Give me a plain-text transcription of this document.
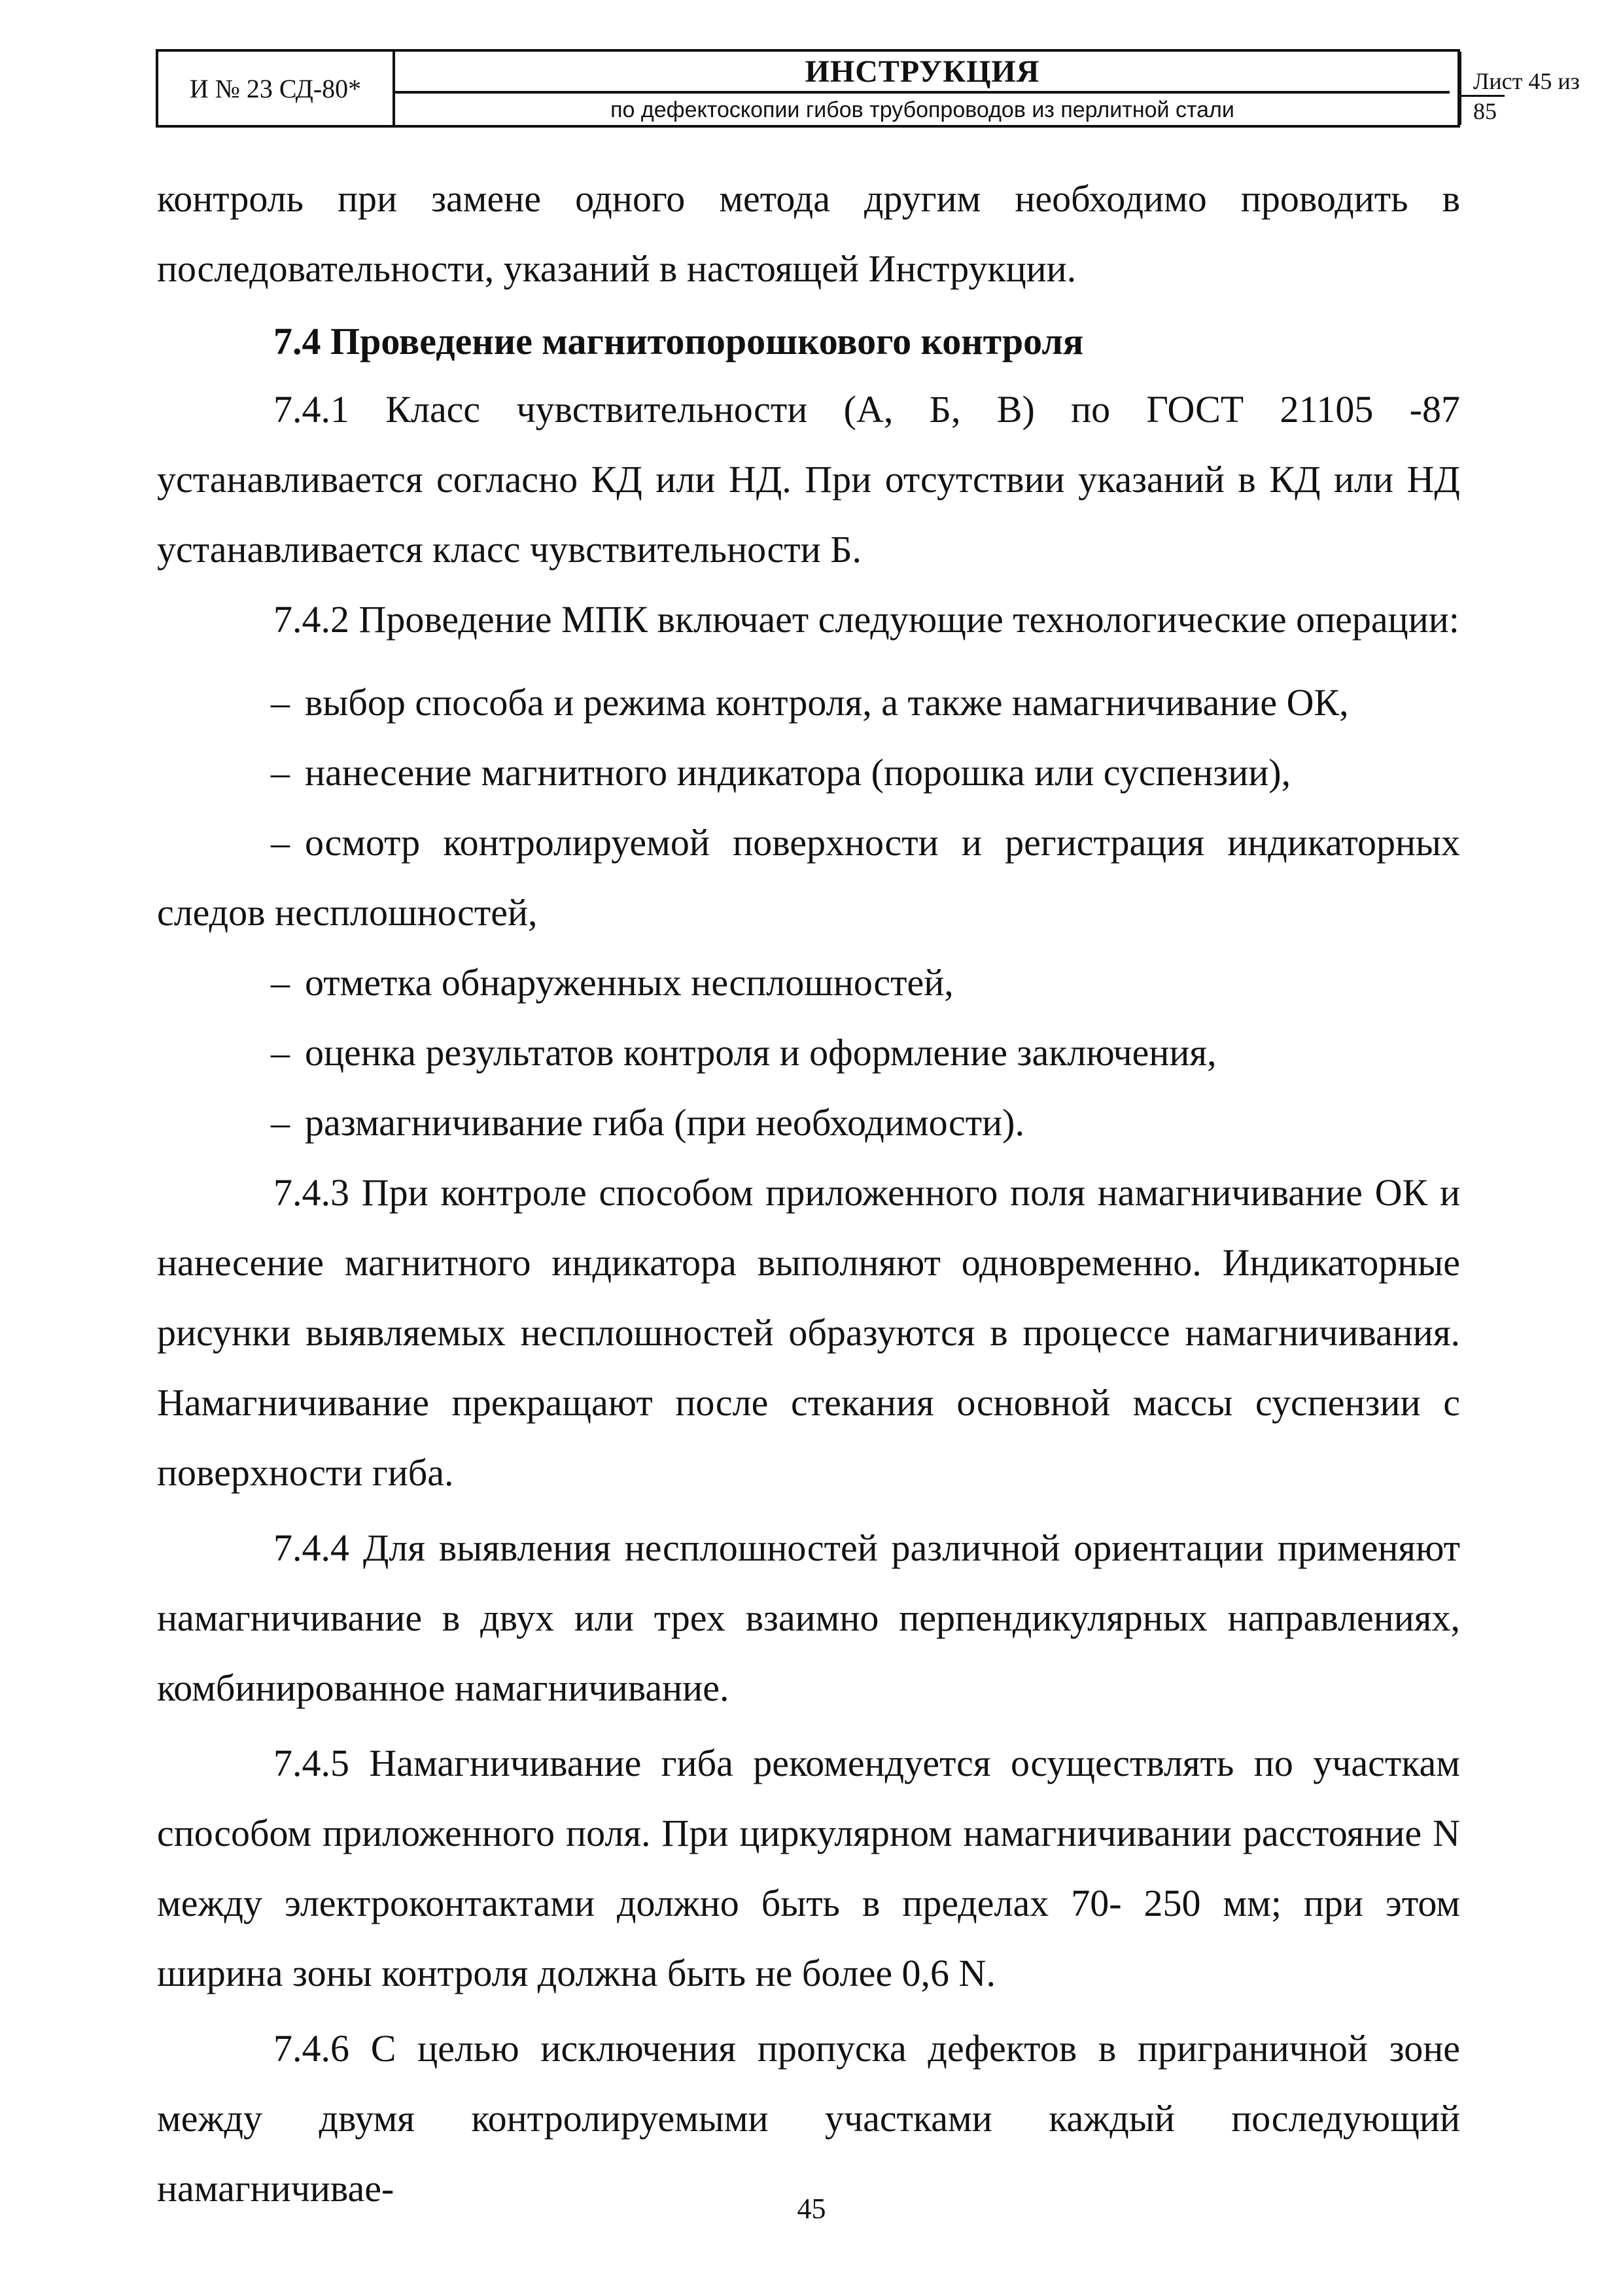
И № 23 СД-80*	ИНСТРУКЦИЯ
по дефектоскопии гибов трубопроводов из перлитной стали
Лист 45 из
85

контроль при замене одного метода другим необходимо проводить в последовательности, указаний в настоящей Инструкции.

7.4 Проведение магнитопорошкового контроля

7.4.1 Класс чувствительности (А, Б, В) по ГОСТ 21105 -87 устанавливается согласно КД или НД. При отсутствии указаний в КД или НД устанавливается класс чувствительности Б.

7.4.2 Проведение МПК включает следующие технологические операции:

– выбор способа и режима контроля, а также намагничивание ОК,

– нанесение магнитного индикатора (порошка или суспензии),

– осмотр контролируемой поверхности и регистрация индикаторных следов несплошностей,

– отметка обнаруженных несплошностей,

– оценка результатов контроля и оформление заключения,

– размагничивание гиба (при необходимости).

7.4.3 При контроле способом приложенного поля намагничивание ОК и нанесение магнитного индикатора выполняют одновременно. Индикаторные рисунки выявляемых несплошностей образуются в процессе намагничивания. Намагничивание прекращают после стекания основной массы суспензии с поверхности гиба.

7.4.4 Для выявления несплошностей различной ориентации применяют намагничивание в двух или трех взаимно перпендикулярных направлениях, комбинированное намагничивание.

7.4.5 Намагничивание гиба рекомендуется осуществлять по участкам способом приложенного поля. При циркулярном намагничивании расстояние N между электроконтактами должно быть в пределах 70- 250 мм; при этом ширина зоны контроля должна быть не более 0,6 N.

7.4.6 С целью исключения пропуска дефектов в приграничной зоне между двумя контролируемыми участками каждый последующий намагничивае-	45
